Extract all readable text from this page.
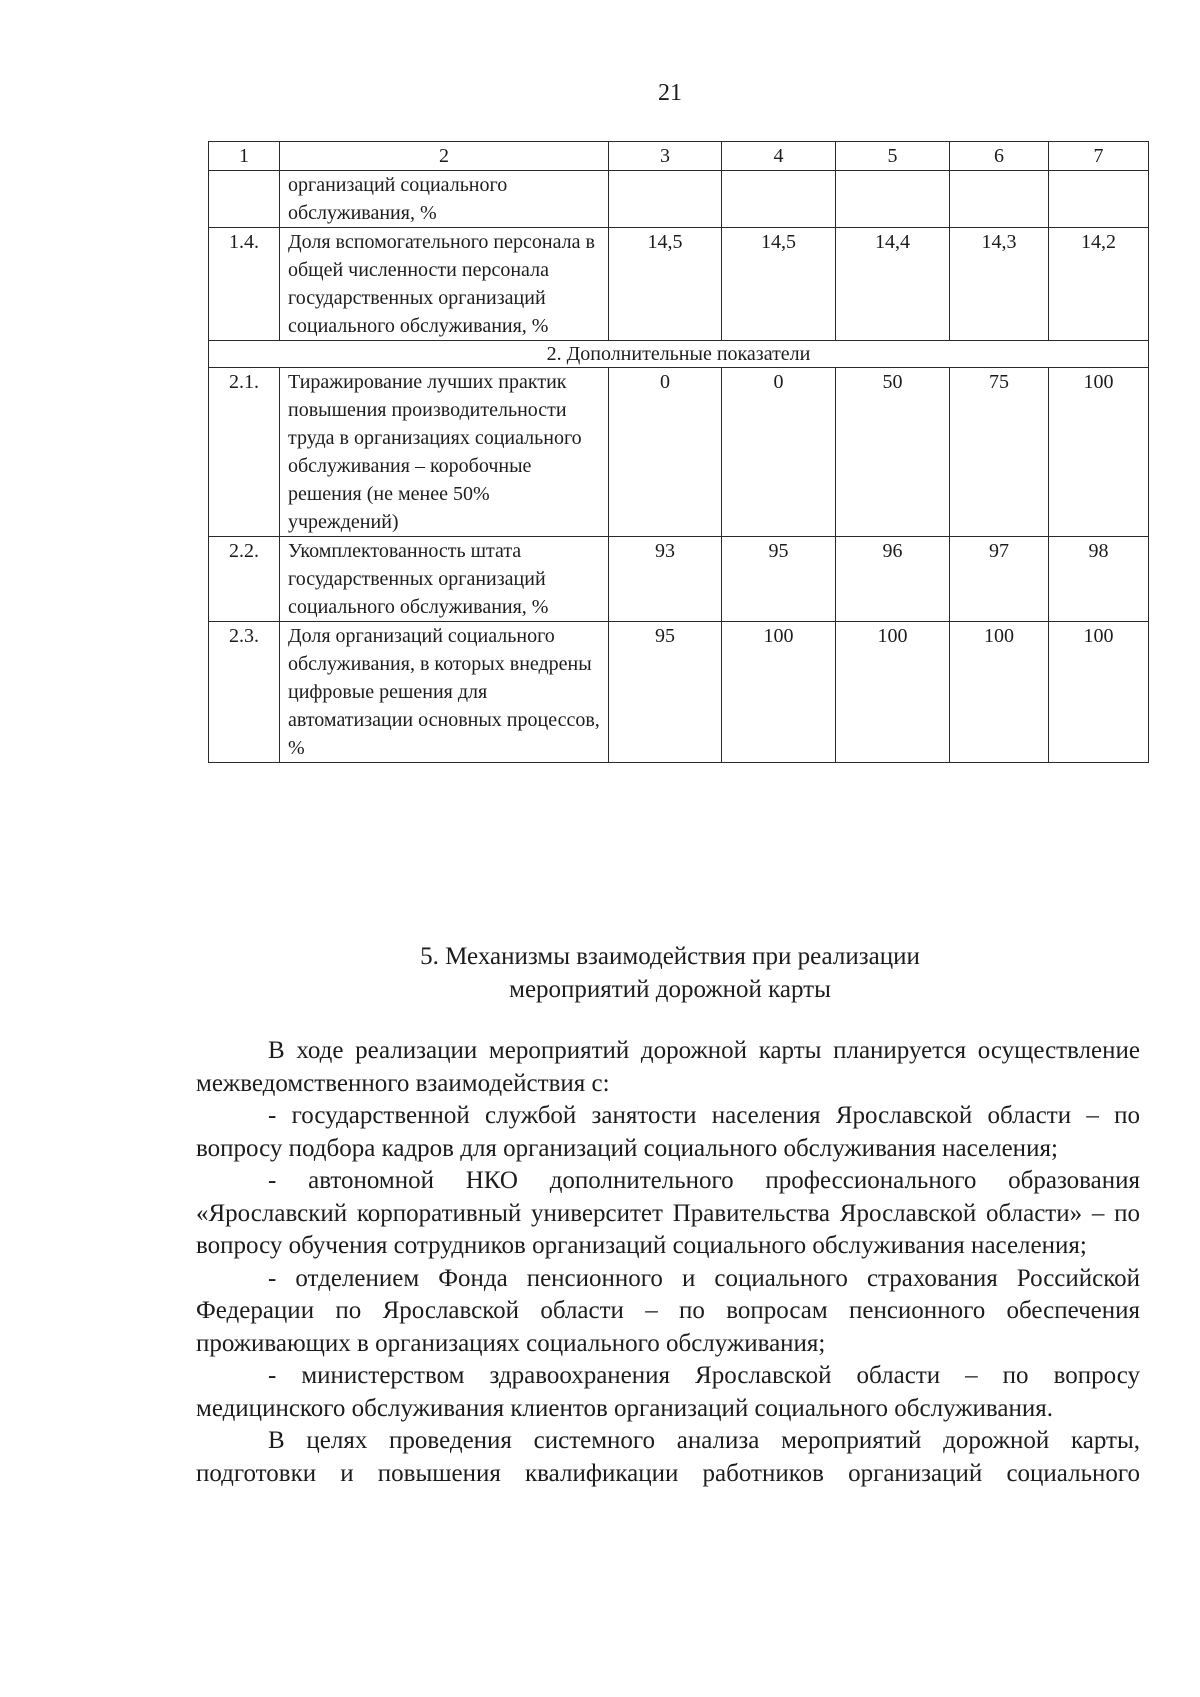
21
1	2	3	4	5	6	7
	организаций социального обслуживания, %					
1.4.	Доля вспомогательного персонала в общей численности персонала государственных организаций социального обслуживания, %	14,5	14,5	14,4	14,3	14,2
2. Дополнительные показатели						
2.1.	Тиражирование лучших практик повышения производительности труда в организациях социального обслуживания – коробочные решения (не менее 50% учреждений)	0	0	50	75	100
2.2.	Укомплектованность штата государственных организаций социального обслуживания, %	93	95	96	97	98
2.3.	Доля организаций социального обслуживания, в которых внедрены цифровые решения для автоматизации основных процессов, %	95	100	100	100	100
5. Механизмы взаимодействия при реализации
мероприятий дорожной карты

В ходе реализации мероприятий дорожной карты планируется осуществление межведомственного взаимодействия с:

- государственной службой занятости населения Ярославской области – по вопросу подбора кадров для организаций социального обслуживания населения;

- автономной НКО дополнительного профессионального образования «Ярославский корпоративный университет Правительства Ярославской области» – по вопросу обучения сотрудников организаций социального обслуживания населения;

- отделением Фонда пенсионного и социального страхования Российской Федерации по Ярославской области – по вопросам пенсионного обеспечения проживающих в организациях социального обслуживания;

- министерством здравоохранения Ярославской области – по вопросу медицинского обслуживания клиентов организаций социального обслуживания.

В целях проведения системного анализа мероприятий дорожной карты, подготовки и повышения квалификации работников организаций социального
